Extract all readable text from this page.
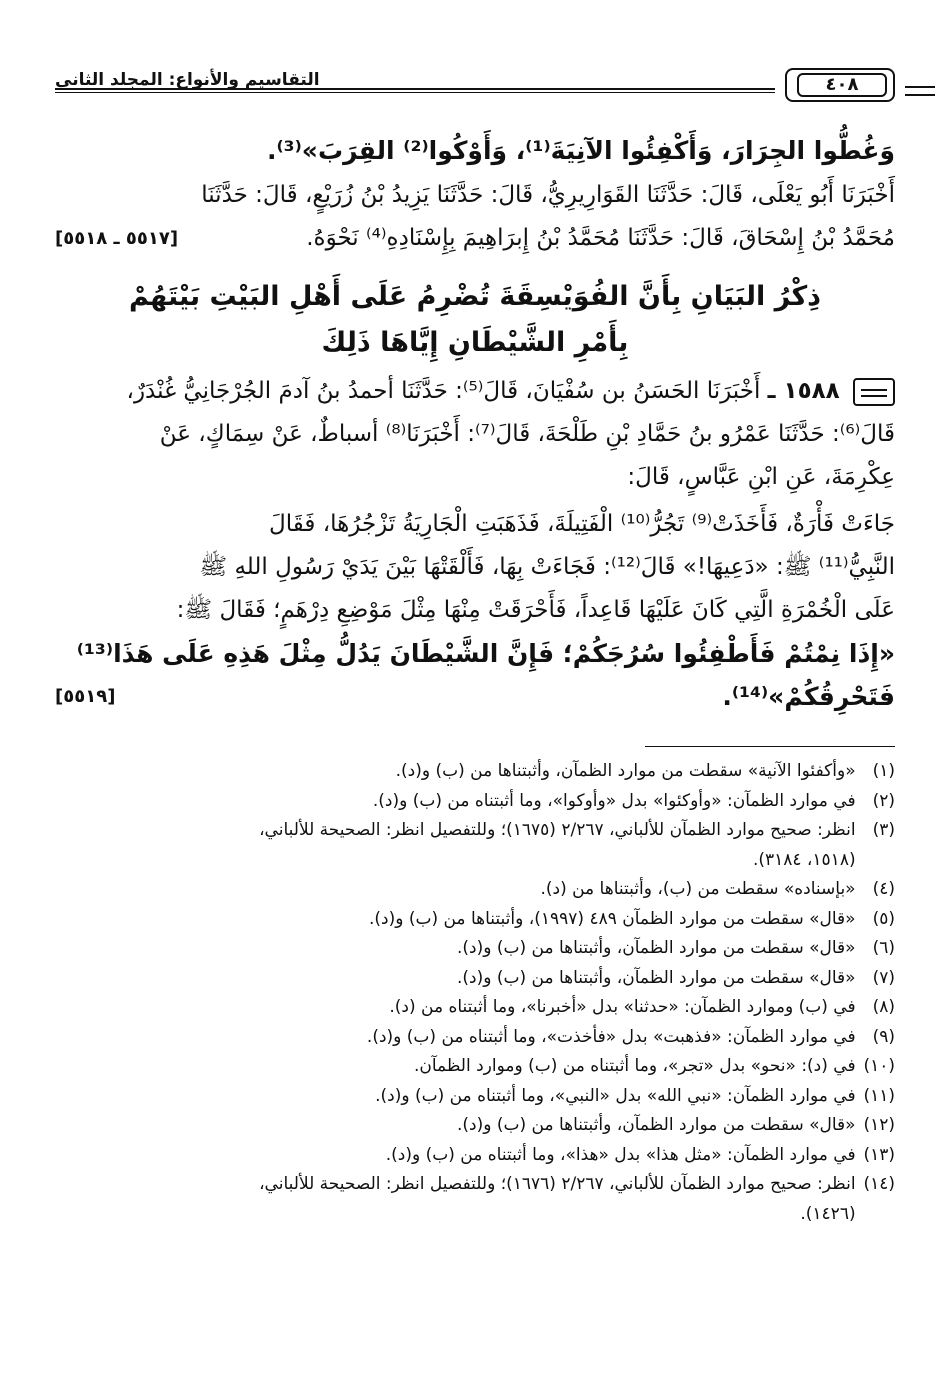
٤٠٨
التقاسيم والأنواع: المجلد الثاني

وَغُطُّوا الجِرَارَ، وَأَكْفِئُوا الآنِيَةَ⁽¹⁾، وَأَوْكُوا⁽²⁾ القِرَبَ»⁽³⁾.

أَخْبَرَنَا أَبُو يَعْلَى، قَالَ: حَدَّثَنَا القَوَارِيرِيُّ، قَالَ: حَدَّثَنَا يَزِيدُ بْنُ زُرَيْعٍ، قَالَ: حَدَّثَنَا

مُحَمَّدُ بْنُ إِسْحَاقَ، قَالَ: حَدَّثَنَا مُحَمَّدُ بْنُ إِبرَاهِيمَ بِإِسْنَادِهِ⁽⁴⁾ نَحْوَهُ.
[٥٥١٧ ـ ٥٥١٨]

ذِكْرُ البَيَانِ بِأَنَّ الفُوَيْسِقَةَ تُضْرِمُ عَلَى أَهْلِ البَيْتِ بَيْتَهُمْ
بِأَمْرِ الشَّيْطَانِ إِيَّاهَا ذَلِكَ

١٥٨٨ ـ أَخْبَرَنَا الحَسَنُ بن سُفْيَانَ، قَالَ⁽⁵⁾: حَدَّثَنَا أحمدُ بنُ آدمَ الجُرْجَانِيُّ غُنْدَرٌ،

قَالَ⁽⁶⁾: حَدَّثَنَا عَمْرُو بنُ حَمَّادِ بْنِ طَلْحَةَ، قَالَ⁽⁷⁾: أَخْبَرَنَا⁽⁸⁾ أسباطٌ، عَنْ سِمَاكٍ، عَنْ

عِكْرِمَةَ، عَنِ ابْنِ عَبَّاسٍ، قَالَ:

جَاءَتْ فَأْرَةٌ، فَأَخَذَتْ⁽⁹⁾ تَجُرُّ⁽¹⁰⁾ الْفَتِيلَةَ، فَذَهَبَتِ الْجَارِيَةُ تَزْجُرُهَا، فَقَالَ

النَّبِيُّ⁽¹¹⁾ ﷺ: «دَعِيهَا!» قَالَ⁽¹²⁾: فَجَاءَتْ بِهَا، فَأَلْقَتْهَا بَيْنَ يَدَيْ رَسُولِ اللهِ ﷺ

عَلَى الْخُمْرَةِ الَّتِي كَانَ عَلَيْهَا قَاعِداً، فَأَحْرَقَتْ مِنْهَا مِثْلَ مَوْضِعِ دِرْهَمٍ؛ فَقَالَ ﷺ:

«إِذَا نِمْتُمْ فَأَطْفِئُوا سُرُجَكُمْ؛ فَإِنَّ الشَّيْطَانَ يَدُلُّ مِثْلَ هَذِهِ عَلَى هَذَا⁽¹³⁾

فَتَحْرِقُكُمْ»⁽¹⁴⁾.
[٥٥١٩]

(١) «وأكفئوا الآنية» سقطت من موارد الظمآن، وأثبتناها من (ب) و(د).
(٢) في موارد الظمآن: «وأوكئوا» بدل «وأوكوا»، وما أثبتناه من (ب) و(د).
(٣) انظر: صحيح موارد الظمآن للألباني، ٢/٢٦٧ (١٦٧٥)؛ وللتفصيل انظر: الصحيحة للألباني،
(١٥١٨، ٣١٨٤).
(٤) «بإسناده» سقطت من (ب)، وأثبتناها من (د).
(٥) «قال» سقطت من موارد الظمآن ٤٨٩ (١٩٩٧)، وأثبتناها من (ب) و(د).
(٦) «قال» سقطت من موارد الظمآن، وأثبتناها من (ب) و(د).
(٧) «قال» سقطت من موارد الظمآن، وأثبتناها من (ب) و(د).
(٨) في (ب) وموارد الظمآن: «حدثنا» بدل «أخبرنا»، وما أثبتناه من (د).
(٩) في موارد الظمآن: «فذهبت» بدل «فأخذت»، وما أثبتناه من (ب) و(د).
(١٠) في (د): «نحو» بدل «تجر»، وما أثبتناه من (ب) وموارد الظمآن.
(١١) في موارد الظمآن: «نبي الله» بدل «النبي»، وما أثبتناه من (ب) و(د).
(١٢) «قال» سقطت من موارد الظمآن، وأثبتناها من (ب) و(د).
(١٣) في موارد الظمآن: «مثل هذا» بدل «هذا»، وما أثبتناه من (ب) و(د).
(١٤) انظر: صحيح موارد الظمآن للألباني، ٢/٢٦٧ (١٦٧٦)؛ وللتفصيل انظر: الصحيحة للألباني،
(١٤٢٦).
